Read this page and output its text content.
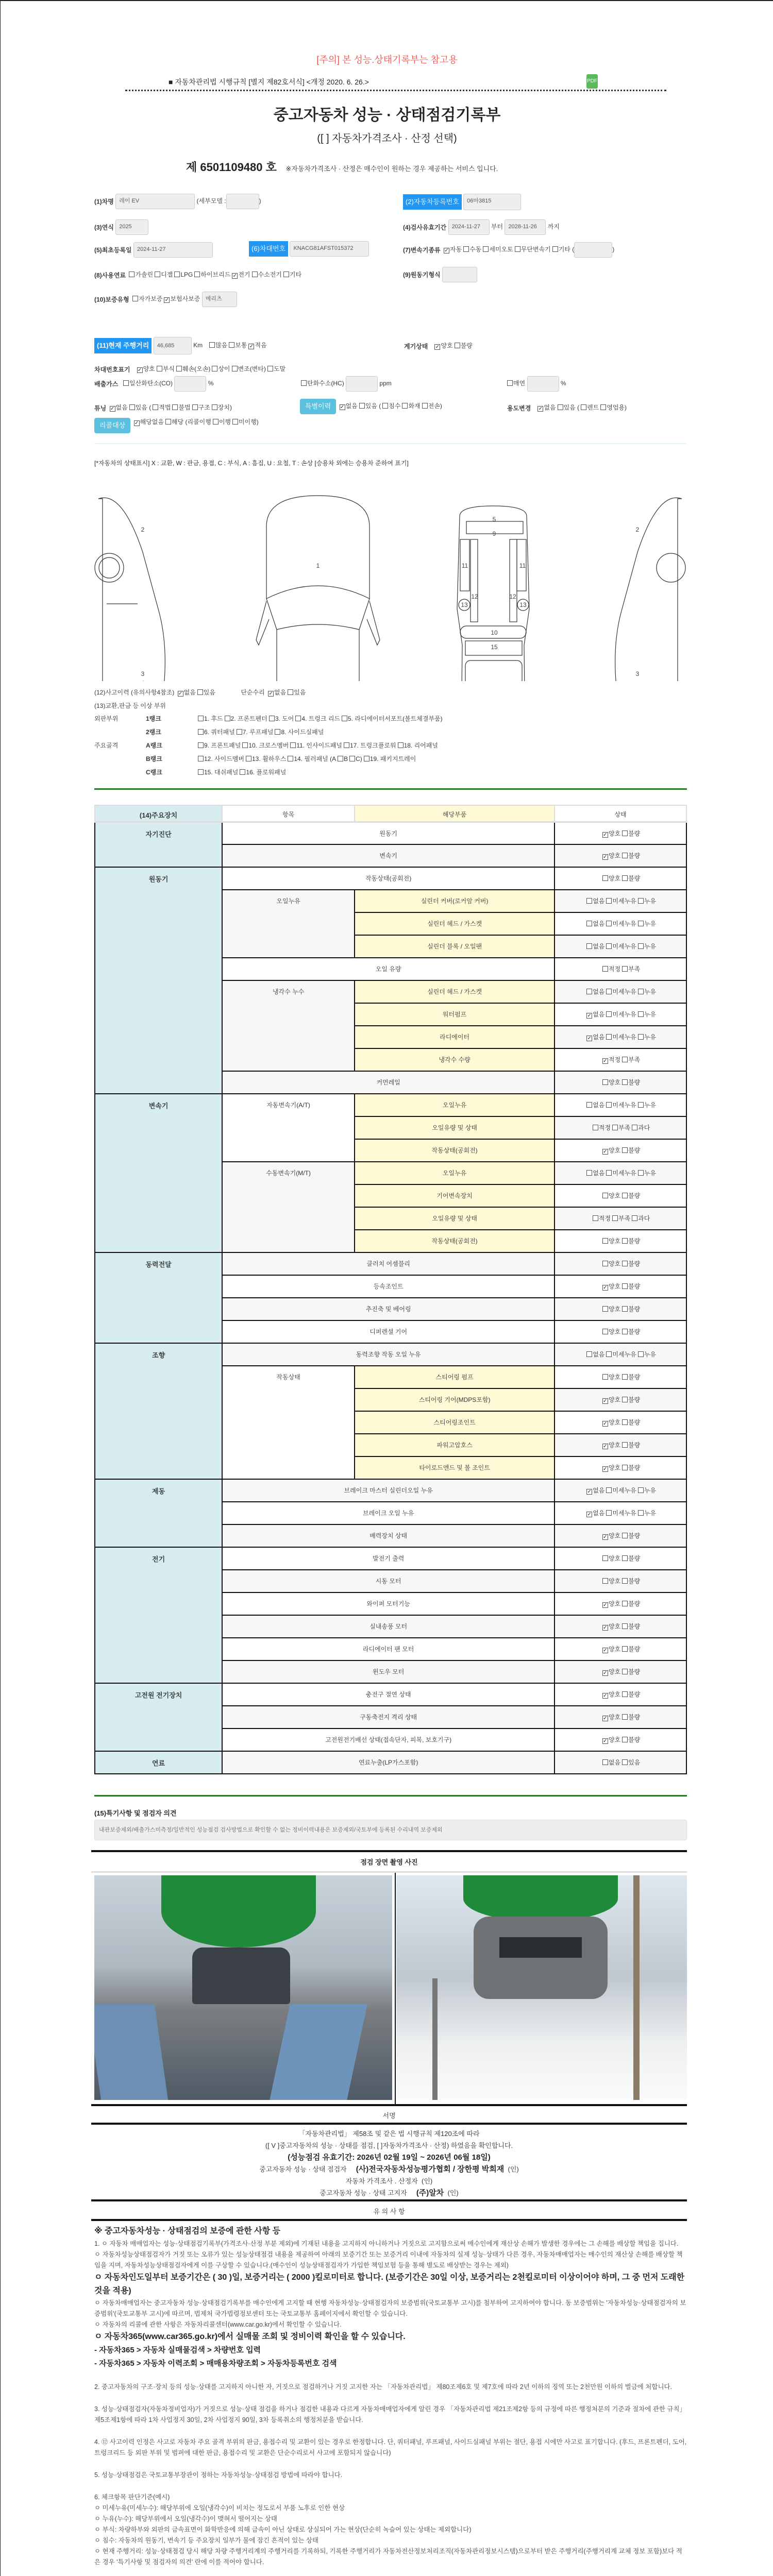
[주의] 본 성능.상태기록부는 참고용
■ 자동차관리법 시행규칙 [별지 제82호서식] <개정 2020. 6. 26.>	PDF
중고자동차 성능 · 상태점검기록부
([ ] 자동차가격조사 · 산정 선택)
제 6501109480 호 ※자동차가격조사 · 산정은 매수인이 원하는 경우 제공하는 서비스 입니다.
(1)차명 레이 EV	(세부모델 :	)	(2)자동차등록번호 06마3815
(3)연식 2025	(4)검사유효기간 2024-11-27 부터 2028-11-26 까지
(5)최초등록일 2024-11-27	(6)차대번호 KNACG81AFST015372	(7)변속기종류 ✓ 자동 수동 세미오토 무단변속기 기타 (	)
(8)사용연료 가솔린 디젤 LPG 하이브리드 ✓ 전기 수소전기 기타	(9)원동기형식
(10)보증유형 자가보증 ✓ 보험사보증 메리츠
(11)현재 주행거리 46,685	Km 많음 보통 ✓ 적음	계기상태 ✓ 양호 불량
차대번호표기 ✓ 양호 부식 훼손(오손) 상이 변조(변타) 도말
배출가스 일산화탄소(CO)	%	탄화수소(HC)	ppm	매연	%
튜닝 ✓ 없음 있음 ( 적법 불법 구조 장치)	특별이력 ✓ 없음 있음 ( 침수 화재 전손)	용도변경 ✓ 없음 있음 ( 렌트 영업용)
리콜대상 ✓ 해당없음 해당 (리콜이행 이행 미이행)
[*자동차의 상태표시] X : 교환, W : 판금, 용접, C : 부식, A : 흠집, U : 요철, T : 손상 [승용차 외에는 승용차 준하여 표기]
2
3
1
5
9
11	11
12	12
13	13
10
15
2
3
(12)사고이력 (유의사항4참조) ✓ 없음 있음	단순수리 ✓ 없음 있음
(13)교환,판금 등 이상 부위
외판부위	1랭크	1. 후드 2. 프론트펜더 3. 도어 4. 트렁크 리드 5. 라디에이터서포트(볼트체결부품)
2랭크	6. 쿼터패널 7. 루프패널 8. 사이드실패널
주요골격	A랭크	9. 프론트패널 10. 크로스멤버 11. 인사이드패널 17. 트렁크플로워 18. 리어패널
B랭크	12. 사이드멤버 13. 휠하우스 14. 필러패널 (A B C) 19. 패키지트레이
C랭크	15. 대쉬패널 16. 플로워패널
(14)주요장치	항목	해당부품	상태
자기진단	원동기		✓ 양호 불량
	변속기		✓ 양호 불량
원동기	작동상태(공회전)		양호 불량
	오일누유	실린더 커버(로커암 커버)	없음 미세누유 누유
		실린더 헤드 / 가스켓	없음 미세누유 누유
		실린더 블록 / 오일팬	없음 미세누유 누유
	오일 유량		적정 부족
	냉각수 누수	실린더 헤드 / 가스켓	없음 미세누유 누유
		워터펌프	✓ 없음 미세누유 누유
		라디에이터	✓ 없음 미세누유 누유
		냉각수 수량	✓ 적정 부족
	커먼레일		양호 불량
변속기	자동변속기(A/T)	오일누유	없음 미세누유 누유
		오일유량 및 상태	적정 부족 과다
		작동상태(공회전)	✓ 양호 불량
	수동변속기(M/T)	오일누유	없음 미세누유 누유
		기어변속장치	양호 불량
		오일유량 및 상태	적정 부족 과다
		작동상태(공회전)	양호 불량
동력전달	클러치 어셈블리		양호 불량
	등속조인트		✓ 양호 불량
	추진축 및 베어링		양호 불량
	디퍼렌셜 기어		양호 불량
조향	동력조향 작동 오일 누유		없음 미세누유 누유
	작동상태	스티어링 펌프	양호 불량
		스티어링 기어(MDPS포함)	✓ 양호 불량
		스티어링조인트	✓ 양호 불량
		파워고압호스	✓ 양호 불량
		타이로드엔드 및 볼 조인트	✓ 양호 불량
제동	브레이크 마스터 실린더오일 누유		✓ 없음 미세누유 누유
	브레이크 오일 누유		✓ 없음 미세누유 누유
	배력장치 상태		✓ 양호 불량
전기	발전기 출력		양호 불량
	시동 모터		양호 불량
	와이퍼 모터기능		✓ 양호 불량
	실내송풍 모터		✓ 양호 불량
	라디에이터 팬 모터		✓ 양호 불량
	윈도우 모터		✓ 양호 불량
고전원 전기장치	충전구 절연 상태		✓ 양호 불량
	구동축전지 격리 상태		✓ 양호 불량
	고전원전기배선 상태(접속단자, 피복, 보호기구)		✓ 양호 불량
연료	연료누출(LP가스포함)		없음 있음
(15)특기사항 및 점검자 의견
내관보증제외/배출가스미측정/일반적인 성능점검 검사방법으로 확인할 수 없는 정비이력내용은 보증제외/국토부에 등록된 수리내역 보증제외
점검 장면 촬영 사진
서명
「자동차관리법」 제58조 및 같은 법 시행규칙 제120조에 따라
([ V ]중고자동차의 성능 · 상태를 점검, [ ]자동차가격조사 · 산정) 하였음을 확인합니다.
(성능점검 유효기간: 2026년 02월 19일 ~ 2026년 06월 18일)
중고자동차 성능 · 상태 점검자 (사)전국자동차성능평가협회 / 장한평 박희재 (인)
자동차 가격조사 . 산정자 (인)
중고자동차 성능 · 상태 고지자 (주)알차 (인)
유 의 사 항

※ 중고자동차성능 · 상태점검의 보증에 관한 사항 등

1. ㅇ 자동차 매매업자는 성능·상태점검기록부(가격조사·산정 부분 제외)에 기재된 내용을 고지하지 아니하거나 거짓으로 고지함으로써 매수인에게 재산상 손해가 발생한 경우에는 그 손해를 배상할 책임을 집니다.

ㅇ 자동차성능상태점검자가 거짓 또는 오류가 있는 성능상태점검 내용을 제공하여 아래의 보증기간 또는 보증거리 이내에 자동차의 실제 성능·상태가 다른 경우, 자동차매매업자는 매수인의 재산상 손해를 배상할 책임을 지며, 자동차성능상태점검자에게 이를 구상할 수 있습니다.(매수인이 성능상태점검자가 가입한 책임보험 등을 통해 별도로 배상받는 경우는 제외)

ㅇ 자동차인도일부터 보증기간은 ( 30 )일, 보증거리는 ( 2000 )킬로미터로 합니다. (보증기간은 30일 이상, 보증거리는 2천킬로미터 이상이어야 하며, 그 중 먼저 도래한 것을 적용)

ㅇ 자동차매매업자는 중고자동차 성능·상태점검기록부를 매수인에게 고지할 때 현행 자동차성능·상태점검자의 보증범위(국토교통부 고시)를 첨부하여 고지하여야 합니다. 동 보증범위는 '자동차성능·상태점검자의 보증범위'(국토교통부 고시)에 따르며, 법제처 국가법령정보센터 또는 국토교통부 홈페이지에서 확인할 수 있습니다.

ㅇ 자동차의 리콜에 관한 사항은 자동차리콜센터(www.car.go.kr)에서 확인할 수 있습니다.

ㅇ 자동차365(www.car365.go.kr)에서 실매물 조회 및 정비이력 확인을 할 수 있습니다.

- 자동차365 > 자동차 실매물검색 > 차량번호 입력

- 자동차365 > 자동차 이력조회 > 매매용차량조회 > 자동차등록번호 검색

2. 중고자동차의 구조·장치 등의 성능·상태를 고지하지 아니한 자, 거짓으로 점검하거나 거짓 고지한 자는 「자동차관리법」 제80조제6호 및 제7호에 따라 2년 이하의 징역 또는 2천만원 이하의 벌금에 처합니다.

3. 성능·상태점검자(자동차정비업자)가 거짓으로 성능·상태 점검을 하거나 점검한 내용과 다르게 자동차매매업자에게 알린 경우 「자동차관리법 제21조제2항 등의 규정에 따른 행정처분의 기준과 절차에 관한 규칙」 제5조제1항에 따라 1차 사업정지 30일, 2차 사업정지 90일, 3차 등록취소의 행정처분을 받습니다.

4. ⑫ 사고이력 인정은 사고로 자동차 주요 골격 부위의 판금, 용접수리 및 교환이 있는 경우로 한정합니다. 단, 쿼터패널, 루프패널, 사이드실패널 부위는 절단, 용접 시에만 사고로 표기합니다. (후드, 프론트펜더, 도어, 트렁크리드 등 외판 부위 및 범퍼에 대한 판금, 용접수리 및 교환은 단순수리로서 사고에 포함되지 않습니다)

5. 성능·상태점검은 국토교통부장관이 정하는 자동차성능·상태점검 방법에 따라야 합니다.

6. 체크항목 판단기준(예시)

ㅇ 미세누유(미세누수): 해당부위에 오일(냉각수)이 비치는 정도로서 부품 노후로 인한 현상

ㅇ 누유(누수): 해당부위에서 오일(냉각수)이 맺혀서 떨어지는 상태

ㅇ 부식: 차량하부와 외판의 금속표면이 화학반응에 의해 금속이 아닌 상태로 상실되어 가는 현상(단순히 녹슬어 있는 상태는 제외합니다)

ㅇ 침수: 자동차의 원동기, 변속기 등 주요장치 일부가 물에 잠긴 흔적이 있는 상태

ㅇ 현재 주행거리: 성능·상태점검 당시 해당 차량 주행거리계의 주행거리를 기록하되, 기록한 주행거리가 자동차전산정보처리조직(자동차관리정보시스템)으로부터 받은 주행거리(주행거리계 교체 정보 포함)보다 적은 경우 '특기사항 및 점검자의 의견' 란에 이를 적어야 합니다.
